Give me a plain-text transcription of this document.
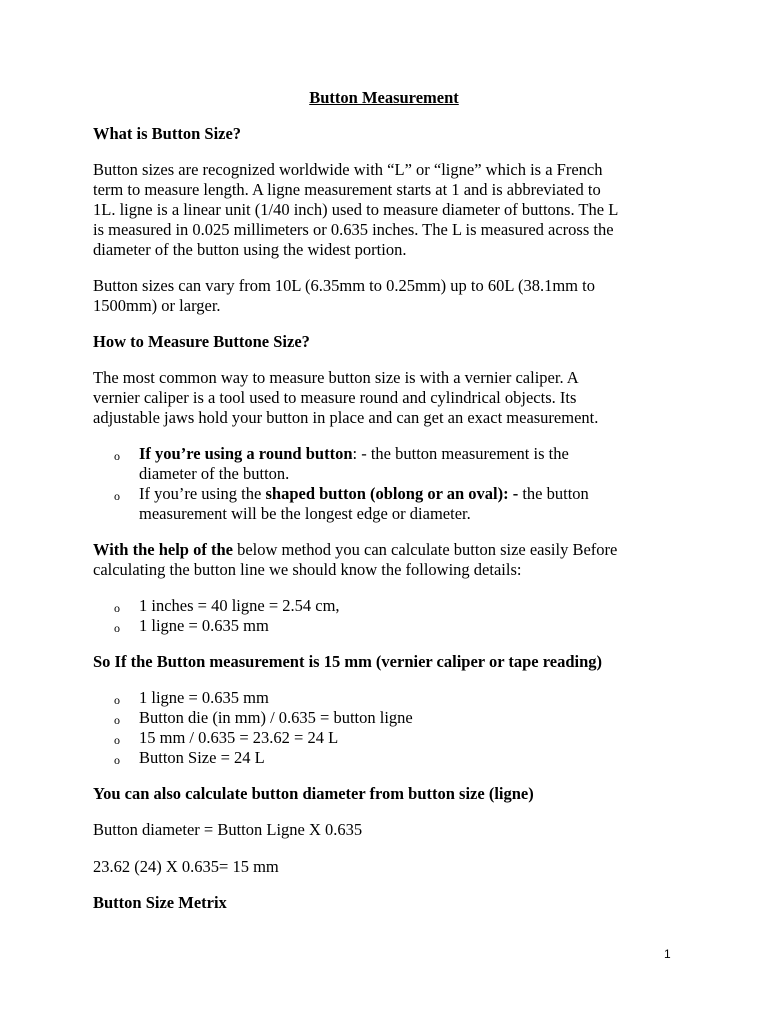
Button Measurement
What is Button Size?
Button sizes are recognized worldwide with “L” or “ligne” which is a French
term to measure length. A ligne measurement starts at 1 and is abbreviated to
1L. ligne is a linear unit (1/40 inch) used to measure diameter of buttons. The L
is measured in 0.025 millimeters or 0.635 inches. The L is measured across the
diameter of the button using the widest portion.
Button sizes can vary from 10L (6.35mm to 0.25mm) up to 60L (38.1mm to
1500mm) or larger.
How to Measure Buttone Size?
The most common way to measure button size is with a vernier caliper. A
vernier caliper is a tool used to measure round and cylindrical objects. Its
adjustable jaws hold your button in place and can get an exact measurement.
o If you’re using a round button: - the button measurement is the
diameter of the button.
o If you’re using the shaped button (oblong or an oval): - the button
measurement will be the longest edge or diameter.
With the help of the below method you can calculate button size easily Before
calculating the button line we should know the following details:
o 1 inches = 40 ligne = 2.54 cm,
o 1 ligne = 0.635 mm
So If the Button measurement is 15 mm (vernier caliper or tape reading)
o 1 ligne = 0.635 mm
o Button die (in mm) / 0.635 = button ligne
o 15 mm / 0.635 = 23.62 = 24 L
o Button Size = 24 L
You can also calculate button diameter from button size (ligne)
Button diameter = Button Ligne X 0.635
23.62 (24) X 0.635= 15 mm
Button Size Metrix
1
